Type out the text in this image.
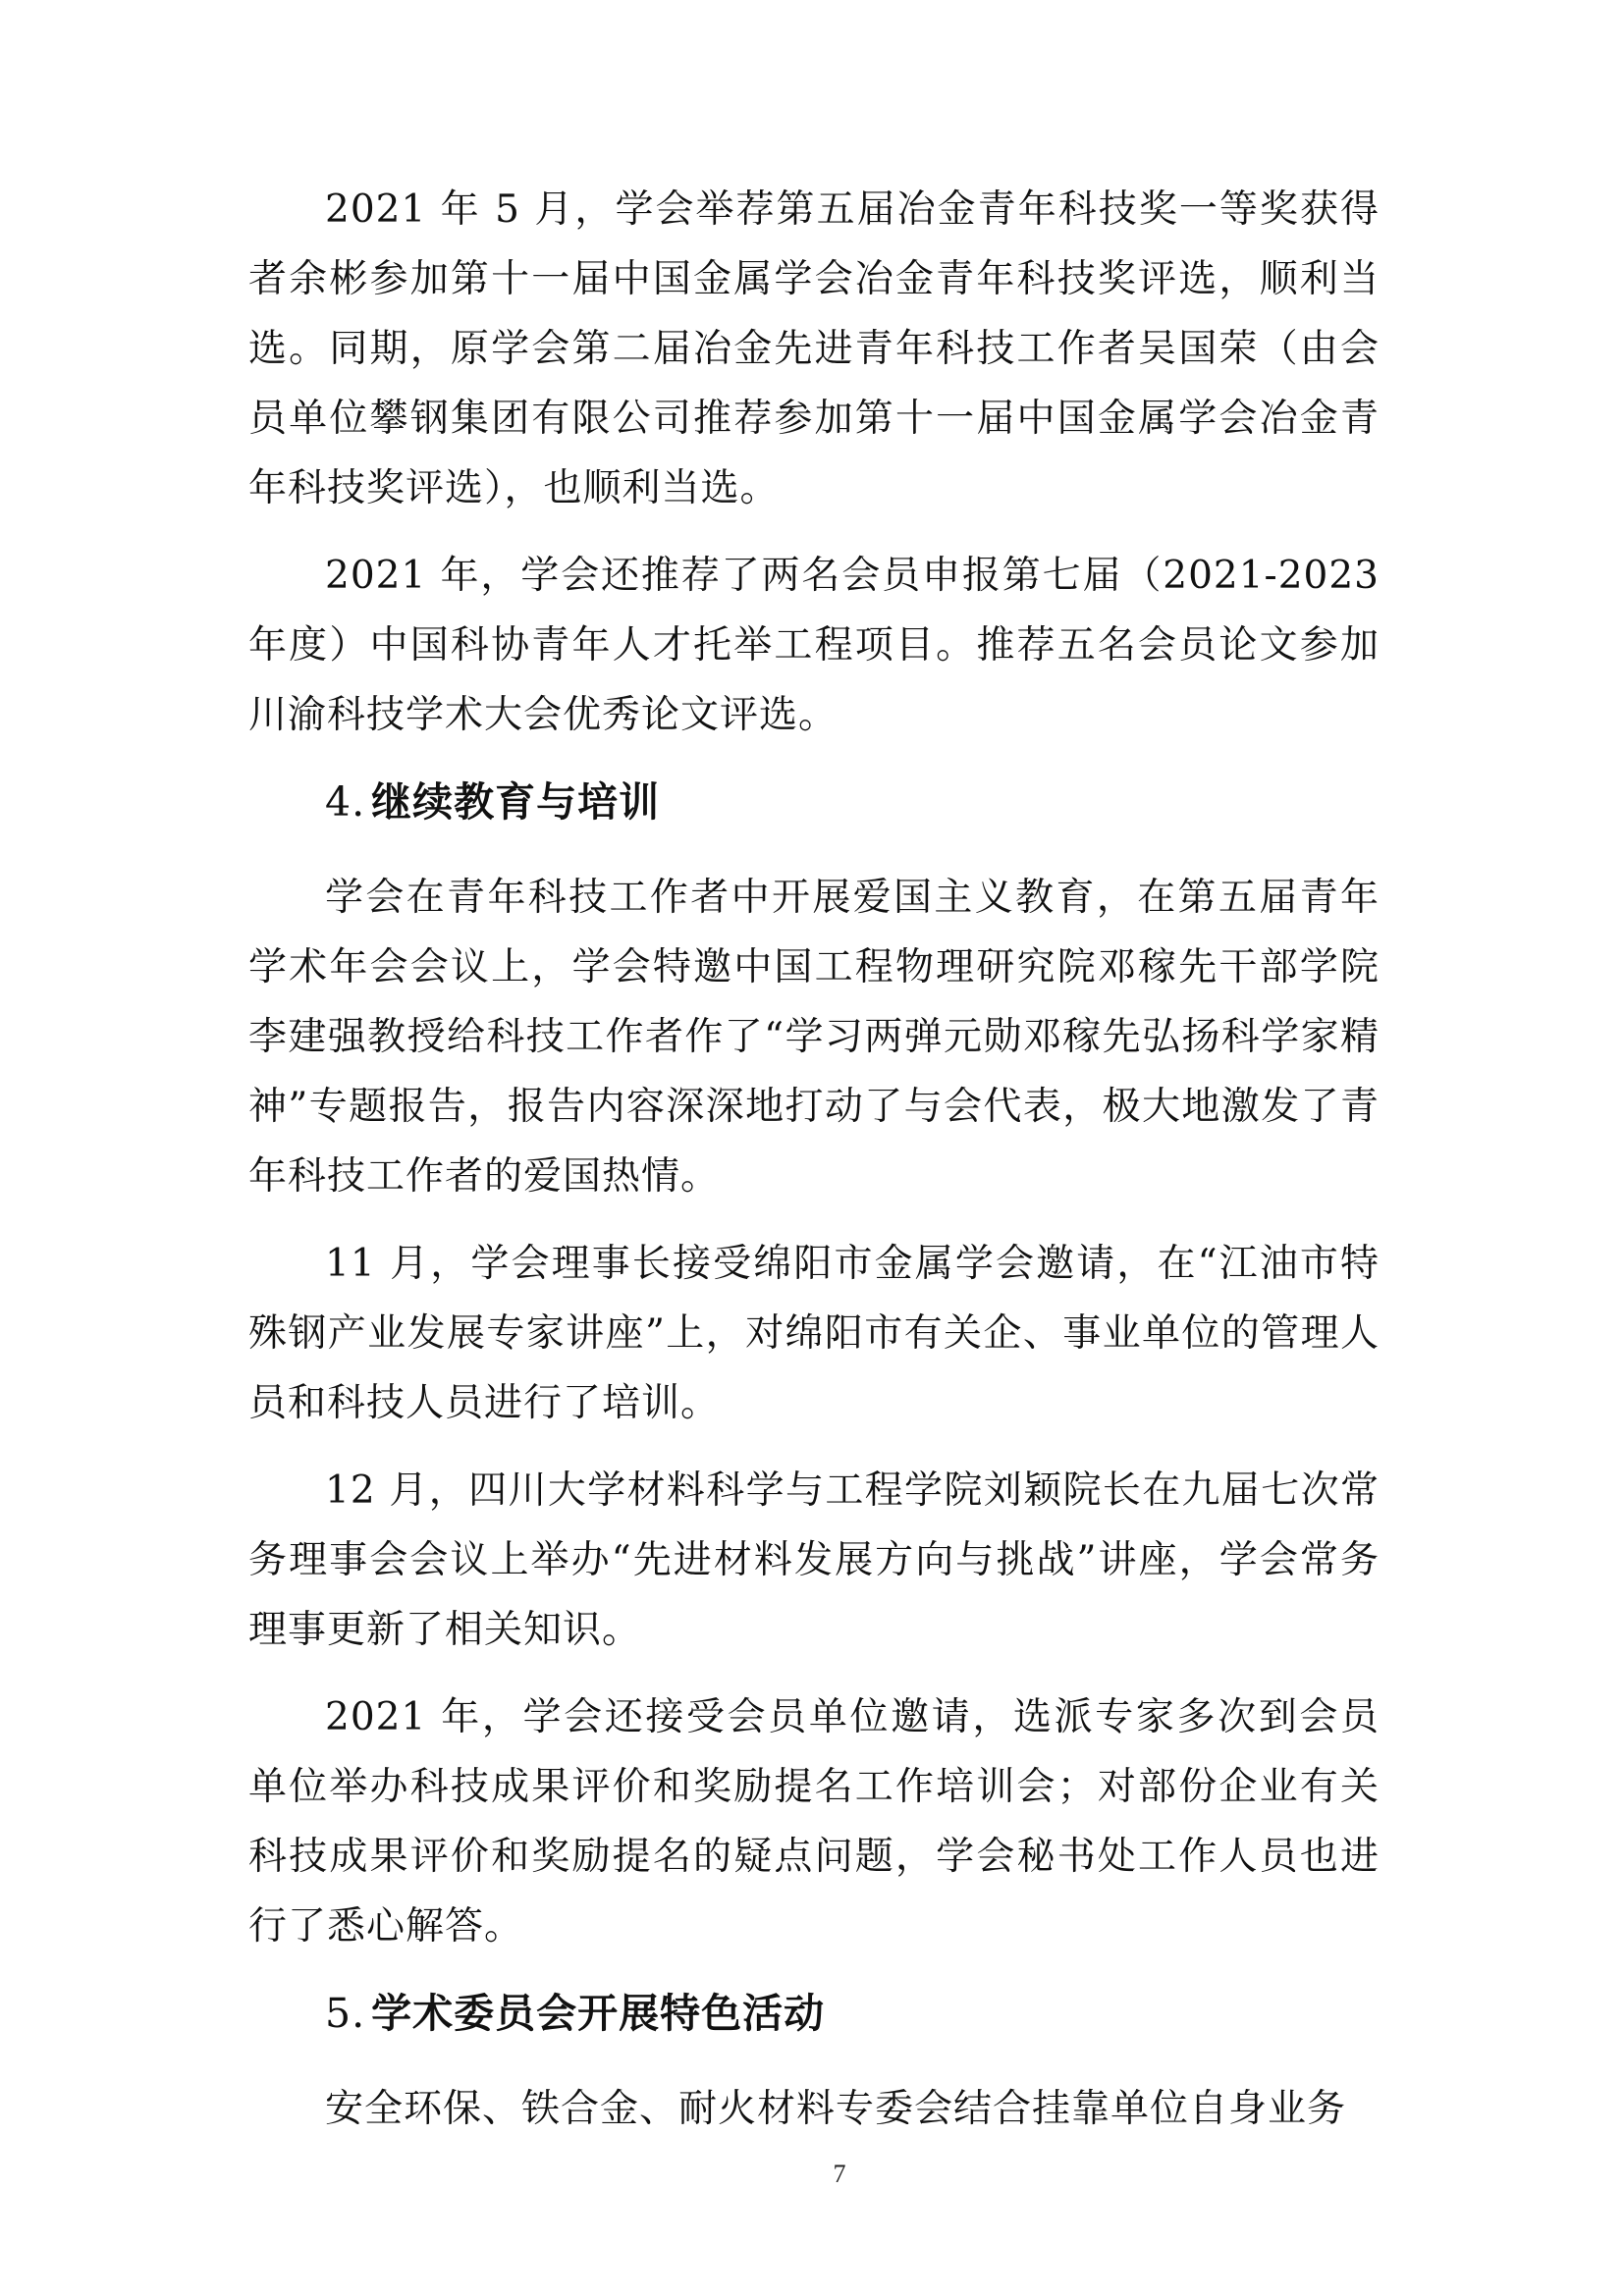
2021 年 5 月，学会举荐第五届冶金青年科技奖一等奖获得者余彬参加第十一届中国金属学会冶金青年科技奖评选，顺利当选。同期，原学会第二届冶金先进青年科技工作者吴国荣（由会员单位攀钢集团有限公司推荐参加第十一届中国金属学会冶金青年科技奖评选），也顺利当选。

2021 年，学会还推荐了两名会员申报第七届（2021-2023 年度）中国科协青年人才托举工程项目。推荐五名会员论文参加川渝科技学术大会优秀论文评选。

4. 继续教育与培训

学会在青年科技工作者中开展爱国主义教育，在第五届青年学术年会会议上，学会特邀中国工程物理研究院邓稼先干部学院李建强教授给科技工作者作了“学习两弹元勋邓稼先弘扬科学家精神”专题报告，报告内容深深地打动了与会代表，极大地激发了青年科技工作者的爱国热情。

11 月，学会理事长接受绵阳市金属学会邀请，在“江油市特殊钢产业发展专家讲座”上，对绵阳市有关企、事业单位的管理人员和科技人员进行了培训。

12 月，四川大学材料科学与工程学院刘颖院长在九届七次常务理事会会议上举办“先进材料发展方向与挑战”讲座，学会常务理事更新了相关知识。

2021 年，学会还接受会员单位邀请，选派专家多次到会员单位举办科技成果评价和奖励提名工作培训会；对部份企业有关科技成果评价和奖励提名的疑点问题，学会秘书处工作人员也进行了悉心解答。

5. 学术委员会开展特色活动

安全环保、铁合金、耐火材料专委会结合挂靠单位自身业务

7
